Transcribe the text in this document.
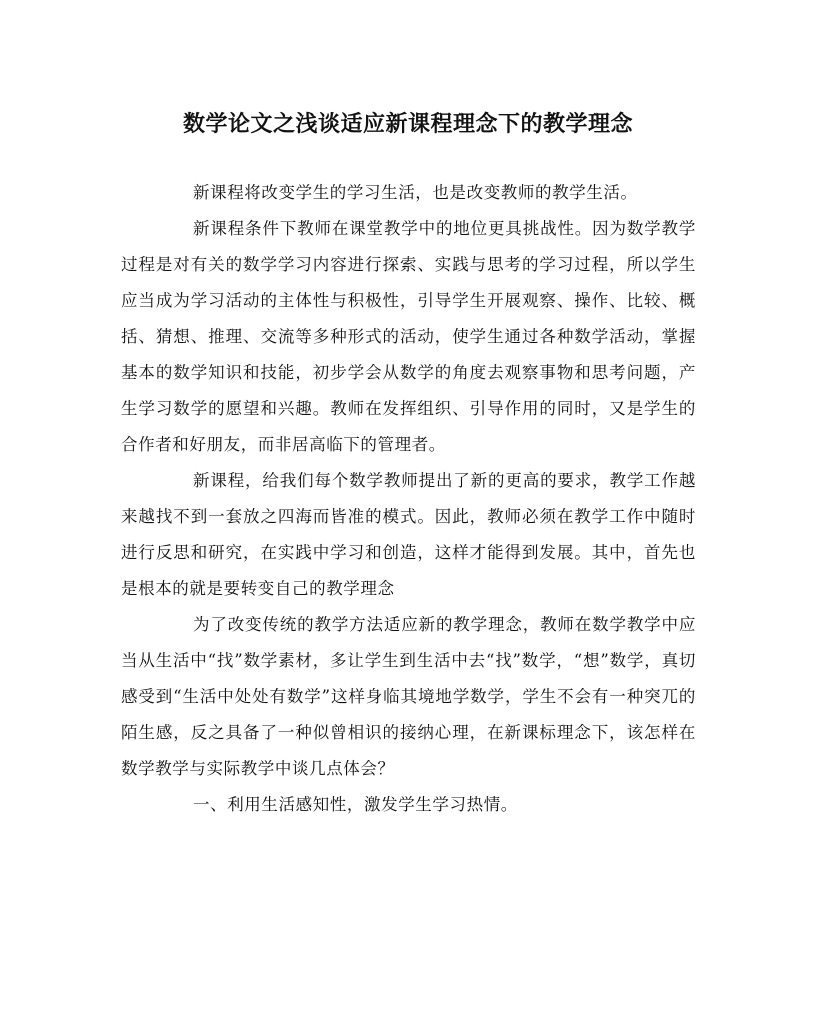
数学论文之浅谈适应新课程理念下的教学理念

新课程将改变学生的学习生活，也是改变教师的教学生活。

新课程条件下教师在课堂教学中的地位更具挑战性。因为数学教学过程是对有关的数学学习内容进行探索、实践与思考的学习过程，所以学生应当成为学习活动的主体性与积极性，引导学生开展观察、操作、比较、概括、猜想、推理、交流等多种形式的活动，使学生通过各种数学活动，掌握基本的数学知识和技能，初步学会从数学的角度去观察事物和思考问题，产生学习数学的愿望和兴趣。教师在发挥组织、引导作用的同时，又是学生的合作者和好朋友，而非居高临下的管理者。

新课程，给我们每个数学教师提出了新的更高的要求，教学工作越来越找不到一套放之四海而皆准的模式。因此，教师必须在教学工作中随时进行反思和研究，在实践中学习和创造，这样才能得到发展。其中，首先也是根本的就是要转变自己的教学理念

为了改变传统的教学方法适应新的教学理念，教师在数学教学中应当从生活中“找”数学素材，多让学生到生活中去“找”数学，“想”数学，真切感受到“生活中处处有数学”这样身临其境地学数学，学生不会有一种突兀的陌生感，反之具备了一种似曾相识的接纳心理，在新课标理念下，该怎样在数学教学与实际教学中谈几点体会？

一、利用生活感知性，激发学生学习热情。
